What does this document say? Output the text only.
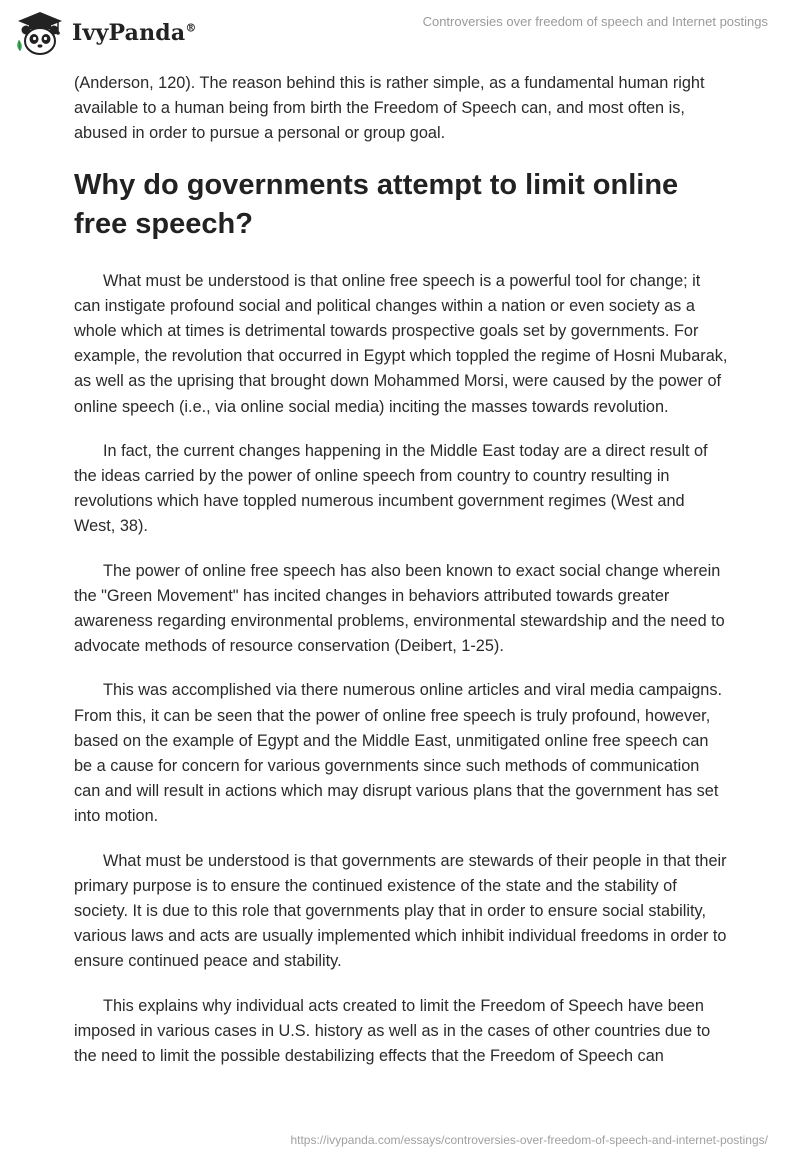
IvyPanda®	Controversies over freedom of speech and Internet postings

(Anderson, 120). The reason behind this is rather simple, as a fundamental human right available to a human being from birth the Freedom of Speech can, and most often is, abused in order to pursue a personal or group goal.

Why do governments attempt to limit online free speech?

What must be understood is that online free speech is a powerful tool for change; it can instigate profound social and political changes within a nation or even society as a whole which at times is detrimental towards prospective goals set by governments. For example, the revolution that occurred in Egypt which toppled the regime of Hosni Mubarak, as well as the uprising that brought down Mohammed Morsi, were caused by the power of online speech (i.e., via online social media) inciting the masses towards revolution.

In fact, the current changes happening in the Middle East today are a direct result of the ideas carried by the power of online speech from country to country resulting in revolutions which have toppled numerous incumbent government regimes (West and West, 38).

The power of online free speech has also been known to exact social change wherein the "Green Movement" has incited changes in behaviors attributed towards greater awareness regarding environmental problems, environmental stewardship and the need to advocate methods of resource conservation (Deibert, 1-25).

This was accomplished via there numerous online articles and viral media campaigns. From this, it can be seen that the power of online free speech is truly profound, however, based on the example of Egypt and the Middle East, unmitigated online free speech can be a cause for concern for various governments since such methods of communication can and will result in actions which may disrupt various plans that the government has set into motion.

What must be understood is that governments are stewards of their people in that their primary purpose is to ensure the continued existence of the state and the stability of society. It is due to this role that governments play that in order to ensure social stability, various laws and acts are usually implemented which inhibit individual freedoms in order to ensure continued peace and stability.

This explains why individual acts created to limit the Freedom of Speech have been imposed in various cases in U.S. history as well as in the cases of other countries due to the need to limit the possible destabilizing effects that the Freedom of Speech can

https://ivypanda.com/essays/controversies-over-freedom-of-speech-and-internet-postings/
